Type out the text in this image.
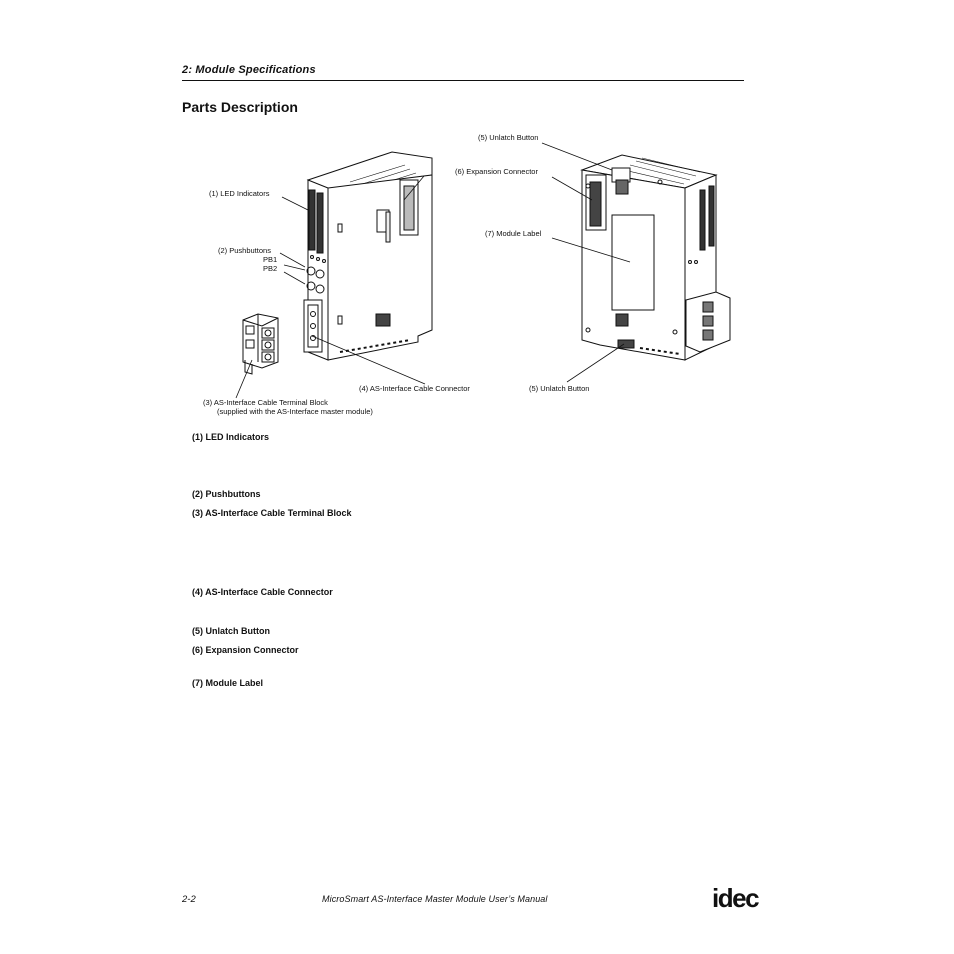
2: Module Specifications
Parts Description
(5) Unlatch Button
(6) Expansion Connector
(1) LED Indicators
(7) Module Label
(2) Pushbuttons
PB1
PB2
(4) AS-Interface Cable Connector	(5) Unlatch Button
(3) AS-Interface Cable Terminal Block
(supplied with the AS-Interface master module)
(1) LED Indicators
(2) Pushbuttons
(3) AS-Interface Cable Terminal Block
(4) AS-Interface Cable Connector
(5) Unlatch Button
(6) Expansion Connector
(7) Module Label
2-2	MicroSmart AS-Interface Master Module User’s Manual	idec
